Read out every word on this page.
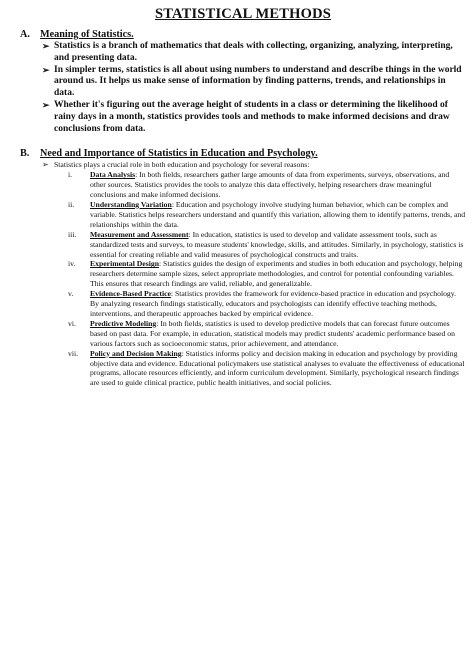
STATISTICAL METHODS
A. Meaning of Statistics.
➢ Statistics is a branch of mathematics that deals with collecting, organizing, analyzing, interpreting, and presenting data.
➢ In simpler terms, statistics is all about using numbers to understand and describe things in the world around us. It helps us make sense of information by finding patterns, trends, and relationships in data.
➢ Whether it's figuring out the average height of students in a class or determining the likelihood of rainy days in a month, statistics provides tools and methods to make informed decisions and draw conclusions from data.
B.	Need and Importance of Statistics in Education and Psychology.
➢ Statistics plays a crucial role in both education and psychology for several reasons:
i.	Data Analysis: In both fields, researchers gather large amounts of data from experiments, surveys, observations, and other sources. Statistics provides the tools to analyze this data effectively, helping researchers draw meaningful conclusions and make informed decisions.
ii.	Understanding Variation: Education and psychology involve studying human behavior, which can be complex and variable. Statistics helps researchers understand and quantify this variation, allowing them to identify patterns, trends, and relationships within the data.
iii.	Measurement and Assessment: In education, statistics is used to develop and validate assessment tools, such as standardized tests and surveys, to measure students' knowledge, skills, and attitudes. Similarly, in psychology, statistics is essential for creating reliable and valid measures of psychological constructs and traits.
iv.	Experimental Design: Statistics guides the design of experiments and studies in both education and psychology, helping researchers determine sample sizes, select appropriate methodologies, and control for potential confounding variables. This ensures that research findings are valid, reliable, and generalizable.
v.	Evidence-Based Practice: Statistics provides the framework for evidence-based practice in education and psychology. By analyzing research findings statistically, educators and psychologists can identify effective teaching methods, interventions, and therapeutic approaches backed by empirical evidence.
vi.	Predictive Modeling: In both fields, statistics is used to develop predictive models that can forecast future outcomes based on past data. For example, in education, statistical models may predict students' academic performance based on various factors such as socioeconomic status, prior achievement, and attendance.
vii.	Policy and Decision Making: Statistics informs policy and decision making in education and psychology by providing objective data and evidence. Educational policymakers use statistical analyses to evaluate the effectiveness of educational programs, allocate resources efficiently, and inform curriculum development. Similarly, psychological research findings are used to guide clinical practice, public health initiatives, and social policies.
